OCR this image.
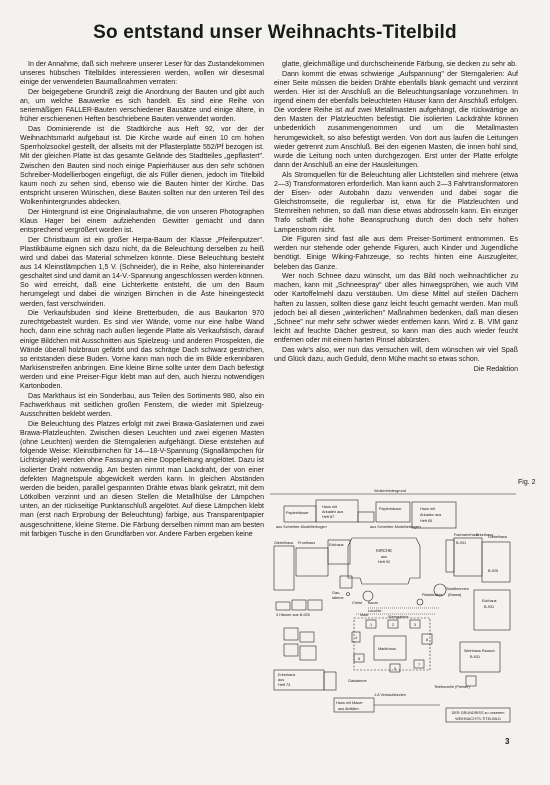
So entstand unser Weihnachts-Titelbild

In der Annahme, daß sich mehrere unserer Leser für das Zustandekommen unseres hübschen Titelbildes interessieren werden, wollen wir diesesmal einige der verwendeten Baumaßnahmen verraten:

Der beigegebene Grundriß zeigt die Anordnung der Bauten und gibt auch an, um welche Bauwerke es sich handelt. Es sind eine Reihe von seriemäßigen FALLER-Bauten verschiedener Bausätze und einige ältere, in früher erschienenen Heften beschriebene Bauten verwendet worden.

Das Dominierende ist die Stadtkirche aus Heft 92, vor der der Weihnachtsmarkt aufgebaut ist. Die Kirche wurde auf einen 10 cm hohen Sperrholzsockel gestellt, der allseits mit der Pflasterplatte 552/Pf bezogen ist. Mit der gleichen Platte ist das gesamte Gelände des Stadtteiles „gepflastert". Zwischen den Bauten sind noch einige Papierhäuser aus den sehr schönen Schreiber-Modellierbogen eingefügt, die als Füller dienen, jedoch im Titelbild kaum noch zu sehen sind, ebenso wie die Bauten hinter der Kirche. Das entspricht unseren Wünschen, diese Bauten sollten nur den unteren Teil des Wolkenhintergrundes abdecken.

Der Hintergrund ist eine Originalaufnahme, die von unseren Photographen Klaus Hager bei einem aufziehenden Gewitter gemacht und dann entsprechend vergrößert worden ist.

Der Christbaum ist ein großer Herpa-Baum der Klasse „Pfeifenputzer". Plastikbäume eignen sich dazu nicht, da die Beleuchtung derselben zu heiß wird und dabei das Material schmelzen könnte. Diese Beleuchtung besteht aus 14 Kleinstlämpchen 1,5 V. (Schneider), die in Reihe, also hintereinander geschaltet sind und damit an 14-V.-Spannung angeschlossen werden können. So wird erreicht, daß eine Lichterkette entsteht, die um den Baum herumgelegt und dabei die winzigen Birnchen in die Äste hineingesteckt werden, fast verschwinden.

Die Verkaufsbuden sind kleine Bretterbuden, die aus Baukarton 970 zurechtgebastelt wurden. Es sind vier Wände, vorne nur eine halbe Wand hoch, dann eine schräg nach außen liegende Platte als Verkaufstisch, darauf einige Bildchen mit Ausschnitten aus Spielzeug- und anderen Prospekten, die Wände überall holzbraun gefärbt und das schräge Dach schwarz gestrichen, so entstanden diese Buden. Vorne kann man noch die im Bilde erkennbaren Markisenstreifen anbringen. Eine kleine Birne sollte unter dem Dach befestigt werden und eine Preiser-Figur klebt man auf den, auch hierzu notwendigen Kartonboden.

Das Markthaus ist ein Sonderbau, aus Teilen des Sortiments 980, also ein Fachwerkhaus mit seitlichen großen Fenstern, die wieder mit Spielzeug-Ausschnitten beklebt werden.

Die Beleuchtung des Platzes erfolgt mit zwei Brawa-Gaslaternen und zwei Brawa-Platzleuchten. Zwischen diesen Leuchten und zwei eigenen Masten (ohne Leuchten) werden die Sterngalerien aufgehängt. Diese entstehen auf folgende Weise: Kleinstbirnchen für 14—18-V-Spannung (Signallämpchen für Lichtsignale) werden ohne Fassung an eine Doppelleitung angelötet. Dazu ist isolierter Draht notwendig. Am besten nimmt man Lackdraht, der von einer defekten Magnetspule abgewickelt werden kann. In gleichen Abständen werden die beiden, parallel gespannten Drähte etwas blank gekratzt, mit dem Lötkolben verzinnt und an diesen Stellen die Metallhülse der Lämpchen unten, an der rückseitige Punktanschluß angelötet. Auf diese Lämpchen klebt man (erst nach Erprobung der Beleuchtung) farbige, aus Transparentpapier ausgeschnittene, kleine Sterne. Die Färbung derselben nimmt man am besten mit farbigen Tusche in den Grundfarben vor. Andere Farben ergeben keine

glatte, gleichmäßige und durchscheinende Färbung, sie decken zu sehr ab.

Dann kommt die etwas schwierige „Aufspannung" der Sterngalerien: Auf einer Seite müssen die beiden Drähte ebenfalls blank gemacht und verzinnt werden. Hier ist der Anschluß an die Beleuchtungsanlage vorzunehmen. In irgend einem der ebenfalls beleuchteten Häuser kann der Anschluß erfolgen. Die vordere Reihe ist auf zwei Metallmasten aufgehängt, die rückwärtige an den Masten der Platzleuchten befestigt. Die isolierten Lackdrähte können unbedenklich zusammengenommen und um die Metallmasten herumgewickelt, so also befestigt werden. Von dort aus laufen die Leitungen wieder getrennt zum Anschluß. Bei den eigenen Masten, die innen hohl sind, wurde die Leitung noch unten durchgezogen. Erst unter der Platte erfolgte dann der Anschluß an eine der Hausleitungen.

Als Stromquellen für die Beleuchtung aller Lichtstellen sind mehrere (etwa 2—3) Transformatoren erforderlich. Man kann auch 2—3 Fahrtransformatoren der Eisen- oder Autobahn dazu verwenden und dabei sogar die Gleichstromseite, die regulierbar ist, etwa für die Platzleuchten und Sternreihen nehmen, so daß man diese etwas abdrosseln kann. Ein einziger Trafo schafft die hohe Beanspruchung durch den doch sehr hohen Lampenstrom nicht.

Die Figuren sind fast alle aus dem Preiser-Sortiment entnommen. Es werden nur stehende oder gehende Figuren, auch Kinder und Jugendliche benötigt. Einige Wiking-Fahrzeuge, so rechts hinten eine Auszugleiter, beleben das Ganze.

Wer noch Schnee dazu wünscht, um das Bild noch weihnachtlicher zu machen, kann mit „Schneespray" über alles hinwegsprühen, wie auch VIM oder Kartoffelmehl dazu verstäuben. Um diese Mittel auf steilen Dächern haften zu lassen, sollten diese ganz leicht feucht gemacht werden. Man muß jedoch bei all diesen „winterlichen" Maßnahmen bedenken, daß man diesen „Schnee" nur mehr sehr schwer wieder entfernen kann. Wird z. B. VIM ganz leicht auf feuchte Dächer gestreut, so kann man dies auch wieder feucht entfernen oder mit einem harten Pinsel abbürsten.

Das wär's also, wer nun das versuchen will, dem wünschen wir viel Spaß und Glück dazu, auch Geduld, denn Mühe macht so etwas schon.

Die Redaktion

Fig. 2
Wolkenhintergrund
Papierhäuser
Haus mit
Arkaden aus
Heft 87
Papierhäuser	Haus mit
Arkaden aus
Heft 65
aus Schreiber-Modellierbogen	aus Schreiber-Modellierbogen
Giebelhaus Fronthaus	Eckhaus
KIRCHE
aus
Heft 92
Fachwerkhaus
B-931
Erkerhaus
Giebelhaus
B-925
3 Häuser aus B-925
Gas-
laterne
Christ Baum
Platzleuchte
Leuchte
Stadtbrunnen
(Brawa)
Eckhaus
B-931
Sterngalerie
Mast
Markthaus	Weinhaus Rausch
B-931
Erkerhaus
aus
Heft 73
Gaslaterne
Telefonzelle (Preiser)
1-8 Verkaufsbuden
Haus mit Mauer
aus Abfällen
DER GRUNDRISS zu unserem
WEIHNACHTS-TITELBILD
1	2	3
4
5
6
7
8
3
